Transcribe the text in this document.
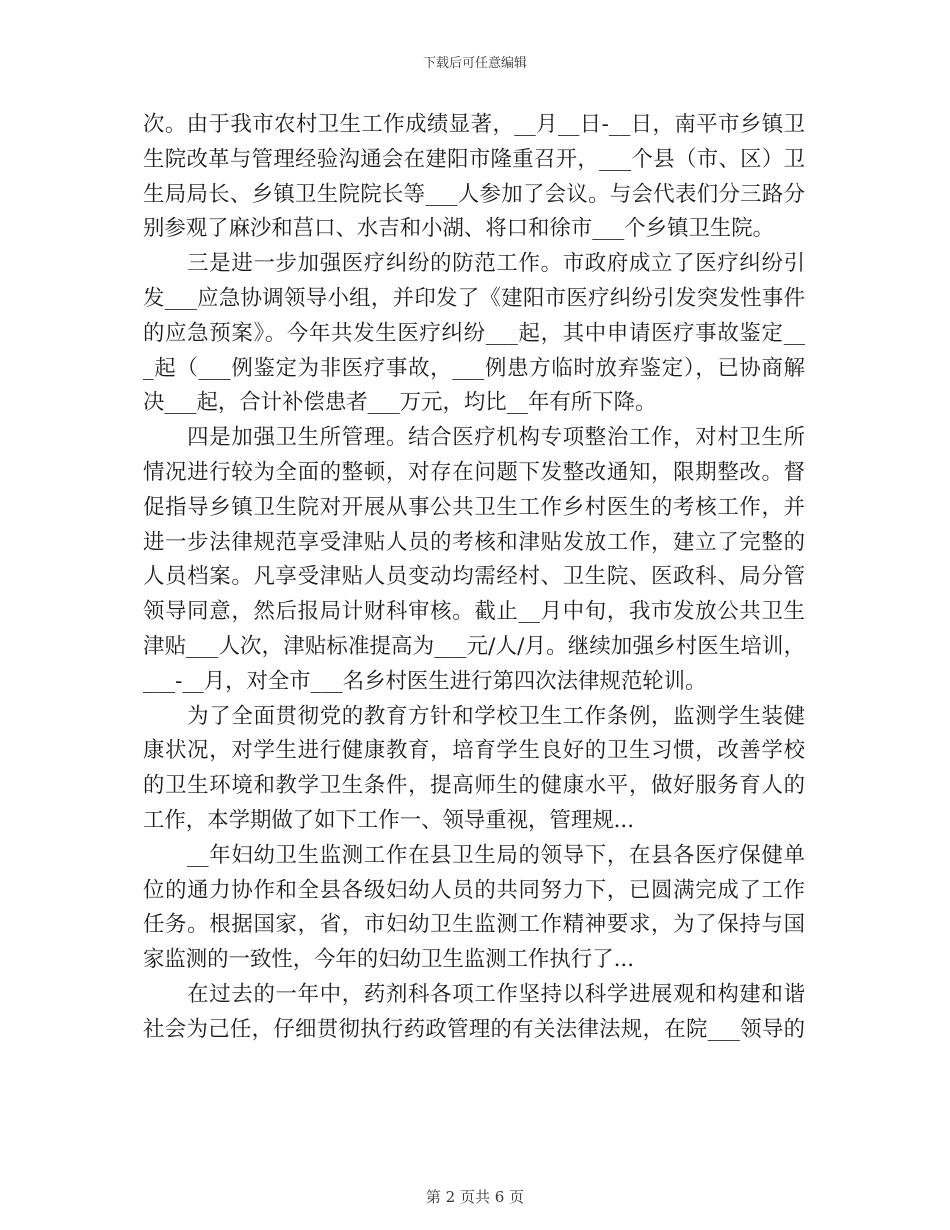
下载后可任意编辑
次。由于我市农村卫生工作成绩显著，__月__日-__日，南平市乡镇卫
生院改革与管理经验沟通会在建阳市隆重召开，___个县（市、区）卫
生局局长、乡镇卫生院院长等___人参加了会议。与会代表们分三路分
别参观了麻沙和莒口、水吉和小湖、将口和徐市___个乡镇卫生院。
　　三是进一步加强医疗纠纷的防范工作。市政府成立了医疗纠纷引
发___应急协调领导小组，并印发了《建阳市医疗纠纷引发突发性事件
的应急预案》。今年共发生医疗纠纷___起，其中申请医疗事故鉴定__
_起（___例鉴定为非医疗事故，___例患方临时放弃鉴定），已协商解
决___起，合计补偿患者___万元，均比__年有所下降。
　　四是加强卫生所管理。结合医疗机构专项整治工作，对村卫生所
情况进行较为全面的整顿，对存在问题下发整改通知，限期整改。督
促指导乡镇卫生院对开展从事公共卫生工作乡村医生的考核工作，并
进一步法律规范享受津贴人员的考核和津贴发放工作，建立了完整的
人员档案。凡享受津贴人员变动均需经村、卫生院、医政科、局分管
领导同意，然后报局计财科审核。截止__月中旬，我市发放公共卫生
津贴___人次，津贴标准提高为___元/人/月。继续加强乡村医生培训，
___-__月，对全市___名乡村医生进行第四次法律规范轮训。
　　为了全面贯彻党的教育方针和学校卫生工作条例，监测学生装健
康状况，对学生进行健康教育，培育学生良好的卫生习惯，改善学校
的卫生环境和教学卫生条件，提高师生的健康水平，做好服务育人的
工作，本学期做了如下工作一、领导重视，管理规...
　　__年妇幼卫生监测工作在县卫生局的领导下，在县各医疗保健单
位的通力协作和全县各级妇幼人员的共同努力下，已圆满完成了工作
任务。根据国家，省，市妇幼卫生监测工作精神要求，为了保持与国
家监测的一致性，今年的妇幼卫生监测工作执行了...
　　在过去的一年中，药剂科各项工作坚持以科学进展观和构建和谐
社会为己任，仔细贯彻执行药政管理的有关法律法规，在院___领导的
第 2 页共 6 页
